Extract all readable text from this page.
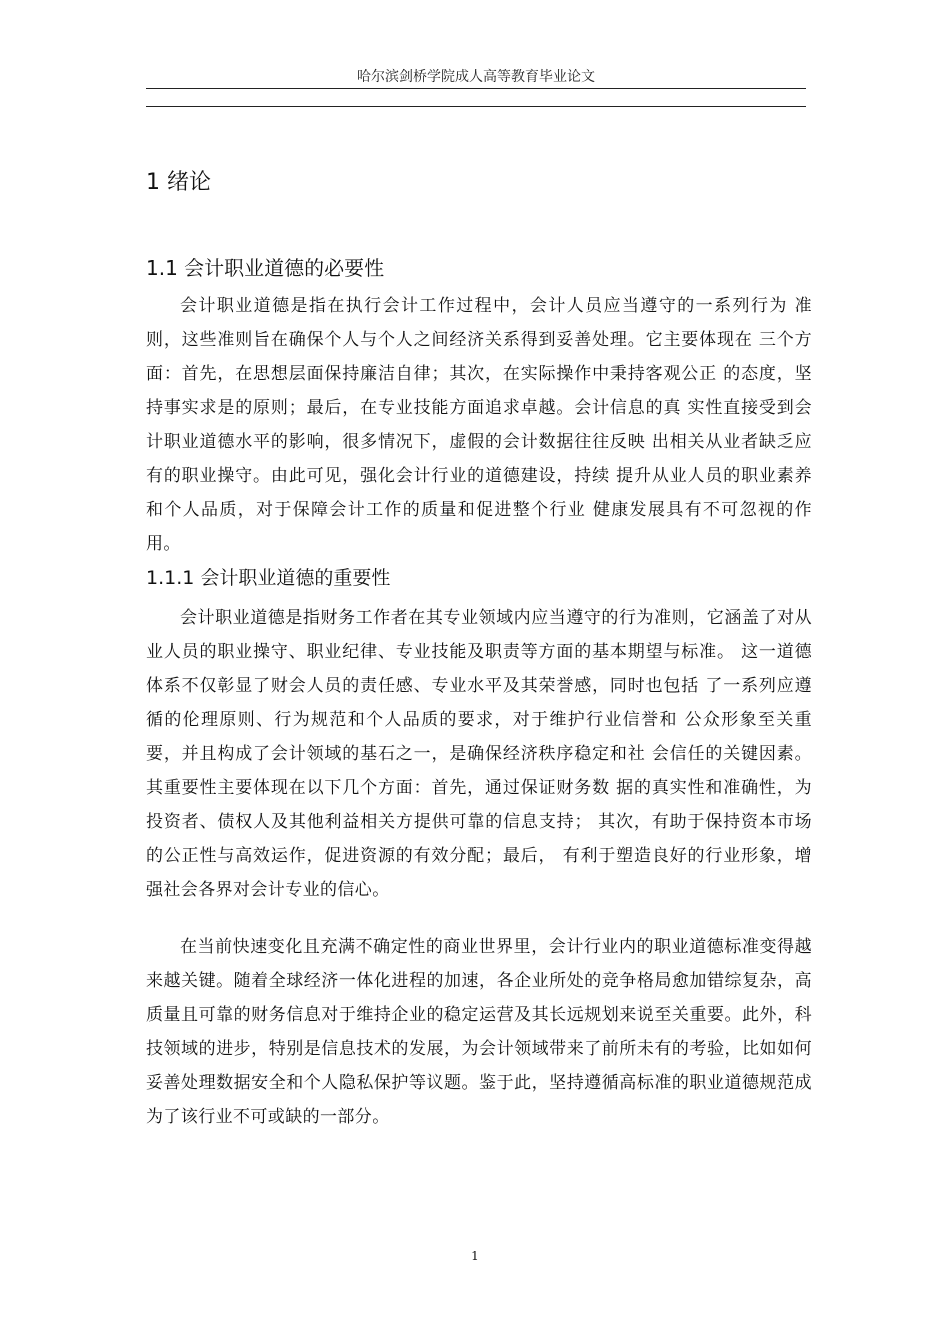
哈尔滨剑桥学院成人高等教育毕业论文
1 绪论
1.1 会计职业道德的必要性

会计职业道德是指在执行会计工作过程中，会计人员应当遵守的一系列行为 准则，这些准则旨在确保个人与个人之间经济关系得到妥善处理。它主要体现在 三个方面：首先，在思想层面保持廉洁自律；其次，在实际操作中秉持客观公正 的态度，坚持事实求是的原则；最后，在专业技能方面追求卓越。会计信息的真 实性直接受到会计职业道德水平的影响，很多情况下，虚假的会计数据往往反映 出相关从业者缺乏应有的职业操守。由此可见，强化会计行业的道德建设，持续 提升从业人员的职业素养和个人品质，对于保障会计工作的质量和促进整个行业 健康发展具有不可忽视的作用。

1.1.1 会计职业道德的重要性

会计职业道德是指财务工作者在其专业领域内应当遵守的行为准则，它涵盖了对从业人员的职业操守、职业纪律、专业技能及职责等方面的基本期望与标准。 这一道德体系不仅彰显了财会人员的责任感、专业水平及其荣誉感，同时也包括 了一系列应遵循的伦理原则、行为规范和个人品质的要求，对于维护行业信誉和 公众形象至关重要，并且构成了会计领域的基石之一，是确保经济秩序稳定和社 会信任的关键因素。其重要性主要体现在以下几个方面：首先，通过保证财务数 据的真实性和准确性，为投资者、债权人及其他利益相关方提供可靠的信息支持； 其次，有助于保持资本市场的公正性与高效运作，促进资源的有效分配；最后， 有利于塑造良好的行业形象，增强社会各界对会计专业的信心。

在当前快速变化且充满不确定性的商业世界里，会计行业内的职业道德标准变得越来越关键。随着全球经济一体化进程的加速，各企业所处的竞争格局愈加错综复杂，高质量且可靠的财务信息对于维持企业的稳定运营及其长远规划来说至关重要。此外，科技领域的进步，特别是信息技术的发展，为会计领域带来了前所未有的考验，比如如何妥善处理数据安全和个人隐私保护等议题。鉴于此，坚持遵循高标准的职业道德规范成为了该行业不可或缺的一部分。

1
